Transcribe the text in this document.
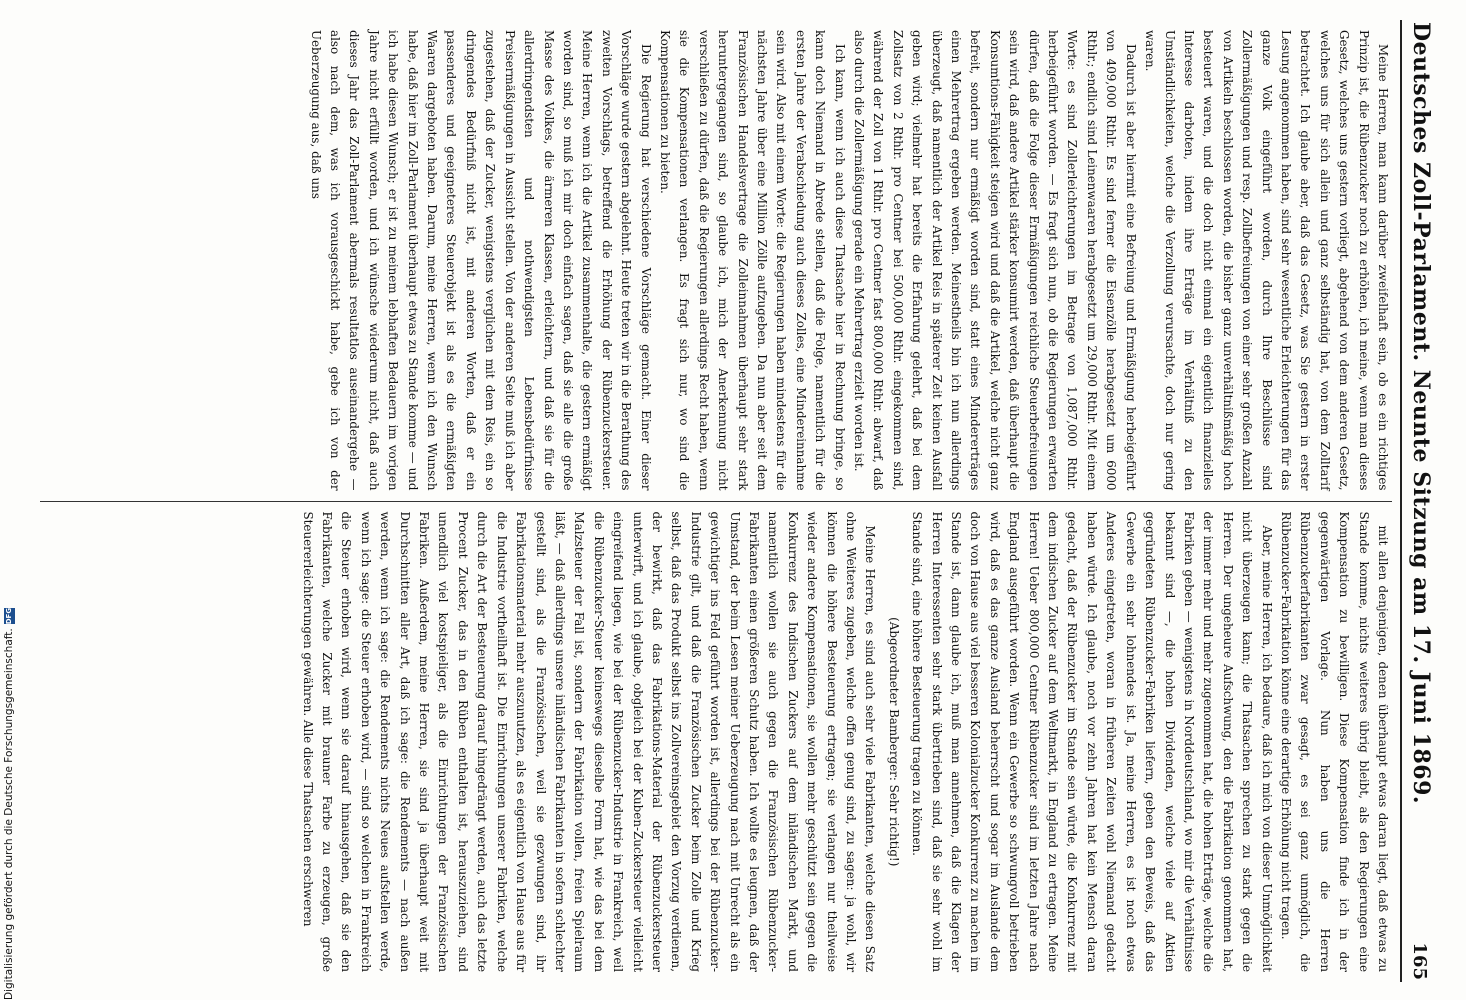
Deutsches Zoll-Parlament. Neunte Sitzung am 17. Juni 1869.
165

Meine Herren, man kann darüber zweifelhaft sein, ob es ein richtiges Prinzip ist, die Rübenzucker noch zu erhöhen, ich meine, wenn man dieses Gesetz, welches uns gestern vorliegt, abgehend von dem anderen Gesetz, welches uns für sich allein und ganz selbständig hat, von dem Zolltarif betrachtet. Ich glaube aber, daß das Gesetz, was Sie gestern in erster Lesung angenommen haben, sind sehr wesentliche Erleichterungen für das ganze Volk eingeführt worden, durch Ihre Beschlüsse sind Zollermäßigungen und resp. Zollbefreiungen von einer sehr großen Anzahl von Artikeln beschlossen worden, die bisher ganz unverhältnißmäßig hoch besteuert waren, und die doch nicht einmal ein eigentlich finanzielles Interesse darboten, indem ihre Erträge im Verhältniß zu den Umständlichkeiten, welche die Verzollung verursachte, doch nur gering waren.

Dadurch ist aber hiermit eine Befreiung und Ermäßigung herbeigeführt von 409,000 Rthlr. Es sind ferner die Eisenzölle herabgesetzt um 6000 Rthlr.; endlich sind Leinenwaaren herabgesetzt um 29,000 Rthlr. Mit einem Worte: es sind Zollerleichterungen im Betrage von 1,087,000 Rthlr. herbeigeführt worden. — Es fragt sich nun, ob die Regierungen erwarten dürfen, daß die Folge dieser Ermäßigungen reichliche Steuerbefreiungen sein wird, daß andere Artikel stärker konsumirt werden, daß überhaupt die Konsumtions-Fähigkeit steigen wird und daß die Artikel, welche nicht ganz befreit, sondern nur ermäßigt worden sind, statt eines Mindererträges einen Mehrertrag ergeben werden. Meinestheils bin ich nun allerdings überzeugt, daß namentlich der Artikel Reis in späterer Zeit keinen Ausfall geben wird; vielmehr hat bereits die Erfahrung gelehrt, daß bei dem Zollsatz von 2 Rthlr. pro Centner bei 500,000 Rthlr. eingekommen sind, während der Zoll von 1 Rthlr. pro Centner fast 800,000 Rthlr. abwarf, daß also durch die Zollermäßigung gerade ein Mehrertrag erzielt worden ist.

Ich kann, wenn ich auch diese Thatsache hier in Rechnung bringe, so kann doch Niemand in Abrede stellen, daß die Folge, namentlich für die ersten Jahre der Verabschiedung auch dieses Zolles, eine Mindereinnahme sein wird. Also mit einem Worte: die Regierungen haben mindestens für die nächsten Jahre über eine Million Zölle aufzugeben. Da nun aber seit dem Französischen Handelsvertrage die Zolleinnahmen überhaupt sehr stark heruntergegangen sind, so glaube ich, mich der Anerkennung nicht verschließen zu dürfen, daß die Regierungen allerdings Recht haben, wenn sie die Kompensationen verlangen. Es fragt sich nur, wo sind die Kompensationen zu bieten.

Die Regierung hat verschiedene Vorschläge gemacht. Einer dieser Vorschläge wurde gestern abgelehnt. Heute treten wir in die Berathung des zweiten Vorschlags, betreffend die Erhöhung der Rübenzuckersteuer. Meine Herren, wenn ich die Artikel zusammenhalte, die gestern ermäßigt worden sind, so muß ich mir doch einfach sagen, daß sie alle die große Masse des Volkes, die ärmeren Klassen, erleichtern, und daß sie für die allerdringendsten und nothwendigsten Lebensbedürfnisse Preisermäßigungen in Aussicht stellen. Von der anderen Seite muß ich aber zugestehen, daß der Zucker, wenigstens verglichen mit dem Reis, ein so dringendes Bedürfniß nicht ist, mit anderen Worten, daß er ein passenderes und geeigneteres Steuerobjekt ist als es die ermäßigten Waaren dargeboten haben. Darum, meine Herren, wenn ich den Wunsch habe, daß hier im Zoll-Parlament überhaupt etwas zu Stande komme — und ich habe diesen Wunsch; er ist zu meinem lebhaften Bedauern im vorigen Jahre nicht erfüllt worden, und ich wünsche wiederum nicht, daß auch dieses Jahr das Zoll-Parlament abermals resultatlos auseinandergehe — also nach dem, was ich vorausgeschickt habe, gebe ich von der Ueberzeugung aus, daß uns

mit allen denjenigen, denen überhaupt etwas daran liegt, daß etwas zu Stande komme, nichts weiteres übrig bleibt, als den Regierungen eine Kompensation zu bewilligen. Diese Kompensation finde ich in der gegenwärtigen Vorlage. Nun haben uns die Herren Rübenzuckerfabrikanten zwar gesagt, es sei ganz unmöglich, die Rübenzucker-Fabrikation könne eine derartige Erhöhung nicht tragen.

Aber, meine Herren, ich bedaure, daß ich mich von dieser Unmöglichkeit nicht überzeugen kann; die Thatsachen sprechen zu stark gegen die Herren. Der ungeheure Aufschwung, den die Fabrikation genommen hat, der immer mehr und mehr zugenommen hat, die hohen Erträge, welche die Fabriken geben — wenigstens in Norddeutschland, wo mir die Verhältnisse bekannt sind —, die hohen Dividenden, welche viele auf Aktien gegründeten Rübenzucker-Fabriken liefern, geben den Beweis, daß das Gewerbe ein sehr lohnendes ist. Ja, meine Herren, es ist noch etwas Anderes eingetreten, woran in früheren Zeiten wohl Niemand gedacht haben würde. Ich glaube, noch vor zehn Jahren hat kein Mensch daran gedacht, daß der Rübenzucker im Stande sein würde, die Konkurrenz mit dem indischen Zucker auf dem Weltmarkt, in England zu ertragen. Meine Herren! Ueber 800,000 Centner Rübenzucker sind im letzten Jahre nach England ausgeführt worden. Wenn ein Gewerbe so schwungvoll betrieben wird, daß es das ganze Ausland beherrscht und sogar im Auslande dem doch von Hause aus viel besseren Kolonialzucker Konkurrenz zu machen im Stande ist, dann glaube ich, muß man annehmen, daß die Klagen der Herren Interessenten sehr stark übertrieben sind, daß sie sehr wohl im Stande sind, eine höhere Besteuerung tragen zu können.

(Abgeordneter Bamberger: Sehr richtig!)

Meine Herren, es sind auch sehr viele Fabrikanten, welche diesen Satz ohne Weiteres zugeben, welche offen genug sind, zu sagen: ja wohl, wir können die höhere Besteuerung ertragen; sie verlangen nur theilweise wieder andere Kompensationen, sie wollen mehr geschützt sein gegen die Konkurrenz des Indischen Zuckers auf dem inländischen Markt, und namentlich wollen sie auch gegen die Französischen Rübenzucker-Fabrikanten einen größeren Schutz haben. Ich wollte es leugnen, daß der Umstand, der beim Lesen meiner Ueberzeugung nach mit Unrecht als ein gewichtiger ins Feld geführt worden ist, allerdings bei der Rübenzucker-Industrie gilt, und daß die Französischen Zucker beim Zolle und Krieg selbst, daß das Produkt selbst ins Zollvereinsgebiet den Vorzug verdienen, der bewirkt, daß das Fabrikations-Material der Rübenzuckersteuer unterwirft, und ich glaube, obgleich bei der Kuben-Zuckersteuer vielleicht eingreifend liegen, wie bei der Rübenzucker-Industrie in Frankreich, weil die Rübenzucker-Steuer keineswegs dieselbe Form hat, wie das bei dem Malzsteuer der Fall ist, sondern der Fabrikation vollen, freien Spielraum läßt, — daß allerdings unsere inländischen Fabrikanten in sofern schlechter gestellt sind, als die Französischen, weil sie gezwungen sind, ihr Fabrikationsmaterial mehr auszunutzen, als es eigentlich von Hause aus für die Industrie vortheilhaft ist. Die Einrichtungen unserer Fabriken, welche durch die Art der Besteuerung darauf hingedrängt werden, auch das letzte Procent Zucker, das in den Rüben enthalten ist, herauszuziehen, sind unendlich viel kostspieliger, als die Einrichtungen der Französischen Fabriken. Außerdem, meine Herren, sie sind ja überhaupt weit mit Durchschnitten aller Art, daß ich sage: die Rendements — nach außen werden, wenn ich sage: die Rendements nichts Neues aufstellen werde, wenn ich sage: die Steuer erhoben wird, — sind so welchen in Frankreich die Steuer erhoben wird, wenn sie darauf hinausgehen, daß sie den Fabrikanten, welche Zucker mit brauner Farbe zu erzeugen, große Steuererleichterungen gewähren. Alle diese Thatsachen erschweren

Digitalisierung gefördert durch die Deutsche Forschungsgemeinschaft.
DFG
